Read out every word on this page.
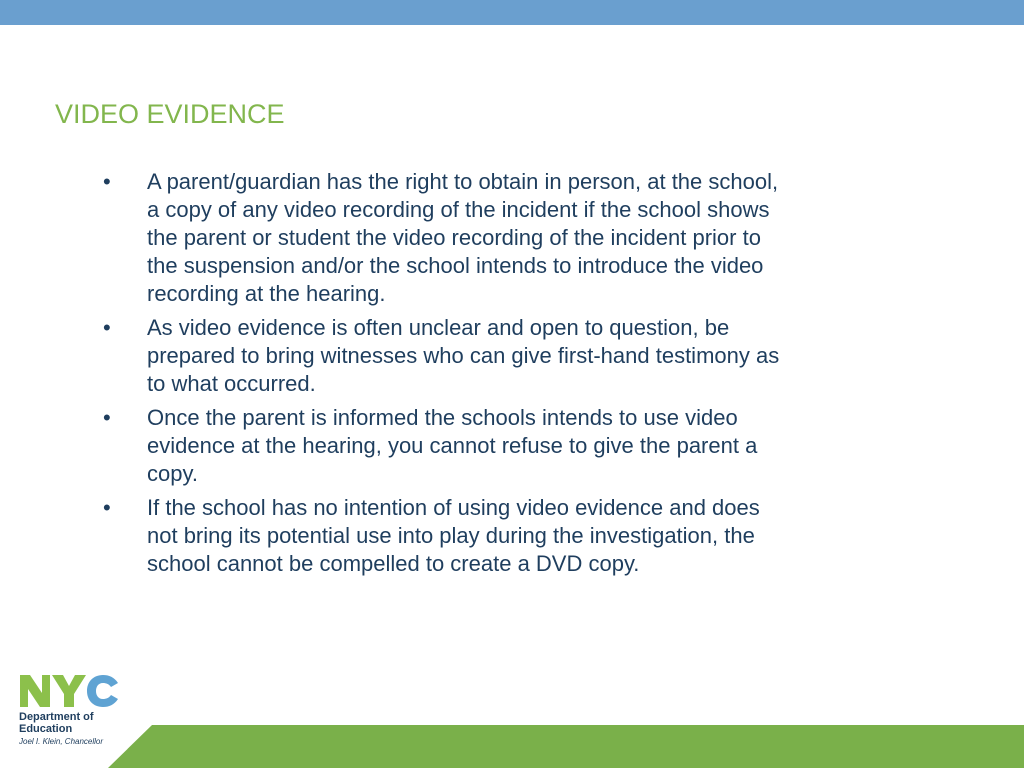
VIDEO EVIDENCE
•	A parent/guardian has the right to obtain in person, at the school, a copy of any video recording of the incident if the school shows the parent or student the video recording of the incident prior to the suspension and/or the school intends to introduce the video recording at the hearing.
•	As video evidence is often unclear and open to question, be prepared to bring witnesses who can give first-hand testimony as to what occurred.
•	Once the parent is informed the schools intends to use video evidence at the hearing, you cannot refuse to give the parent a copy.
•	If the school has no intention of using video evidence and does not bring its potential use into play during the investigation, the school cannot be compelled to create a DVD copy.

Department of
Education

Joel I. Klein, Chancellor
